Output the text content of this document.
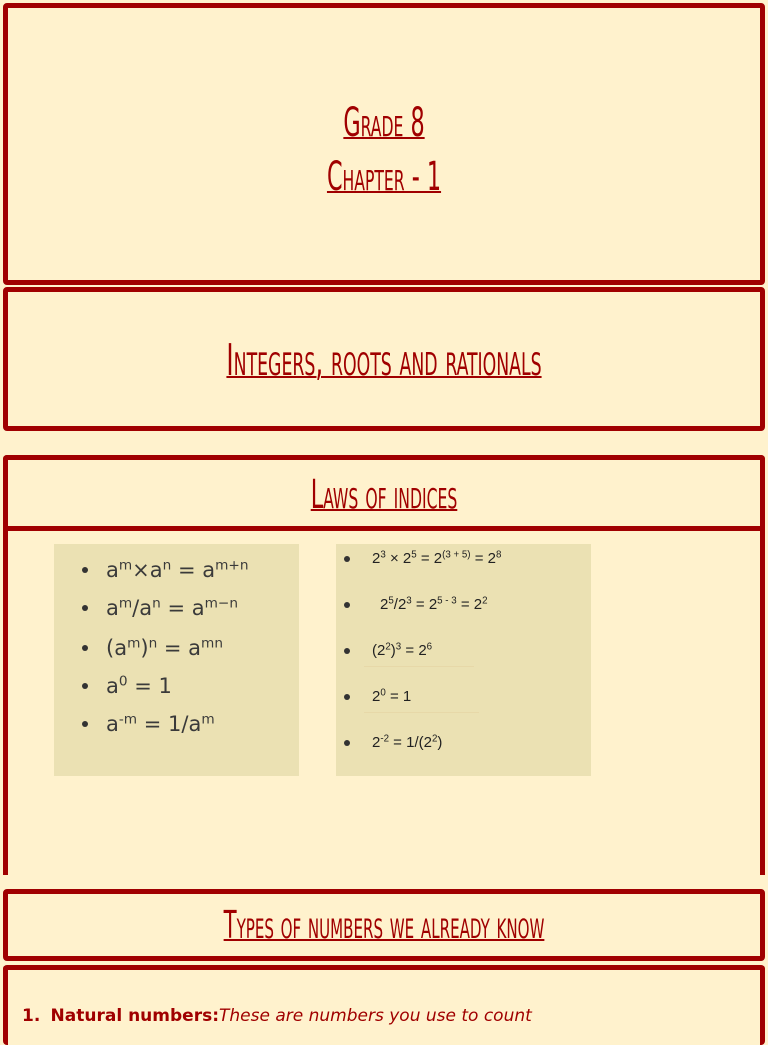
Grade 8
Chapter - 1
Integers, roots and rationals
Laws of indices
$a^m\times a^n = a^{m+n}$
$a^m/a^n = a^{m-n}$
$(a^m)^n = a^{mn}$
$a^0 = 1$
$a^{-m} = 1/a^m$
$2^3 \times 2^5 = 2^{(3 + 5)} = 2^8$
$2^5/2^3 = 2^{5 - 3} = 2^2$
$(2^2)^3 = 2^6$
$2^0 = 1$
$2^{-2} = 1/(2^2)$
Types of numbers we already know
1. Natural numbers:These are numbers you use to count
